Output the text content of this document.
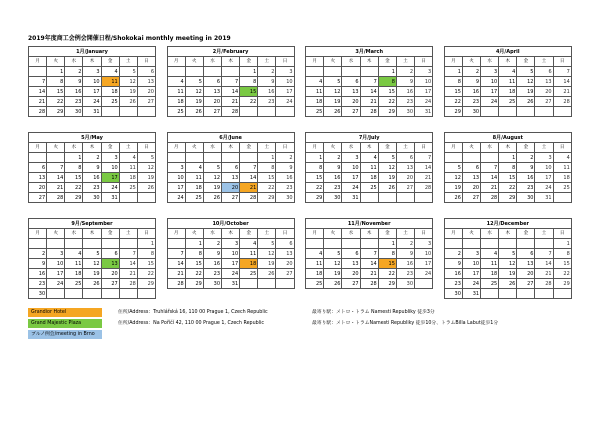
2019年度商工会例会開催日程/Shokokai monthly meeting in 2019
1月/January						
月	火	水	木	金	土	日
	1	2	3	4	5	6
7	8	9	10	11	12	13
14	15	16	17	18	19	20
21	22	23	24	25	26	27
28	29	30	31			
2月/February						
月	火	水	木	金	土	日
				1	2	3
4	5	6	7	8	9	10
11	12	13	14	15	16	17
18	19	20	21	22	23	24
25	26	27	28			
3月/March						
月	火	水	木	金	土	日
				1	2	3
4	5	6	7	8	9	10
11	12	13	14	15	16	17
18	19	20	21	22	23	24
25	26	27	28	29	30	31
4月/April						
月	火	水	木	金	土	日
1	2	3	4	5	6	7
8	9	10	11	12	13	14
15	16	17	18	19	20	21
22	23	24	25	26	27	28
29	30					
5月/May						
月	火	水	木	金	土	日
		1	2	3	4	5
6	7	8	9	10	11	12
13	14	15	16	17	18	19
20	21	22	23	24	25	26
27	28	29	30	31		
6月/June						
月	火	水	木	金	土	日
					1	2
3	4	5	6	7	8	9
10	11	12	13	14	15	16
17	18	19	20	21	22	23
24	25	26	27	28	29	30
7月/July						
月	火	水	木	金	土	日
1	2	3	4	5	6	7
8	9	10	11	12	13	14
15	16	17	18	19	20	21
22	23	24	25	26	27	28
29	30	31				
8月/August						
月	火	水	木	金	土	日
			1	2	3	4
5	6	7	8	9	10	11
12	13	14	15	16	17	18
19	20	21	22	23	24	25
26	27	28	29	30	31	
9月/September						
月	火	水	木	金	土	日
						1
2	3	4	5	6	7	8
9	10	11	12	13	14	15
16	17	18	19	20	21	22
23	24	25	26	27	28	29
30						
10月/October						
月	火	水	木	金	土	日
	1	2	3	4	5	6
7	8	9	10	11	12	13
14	15	16	17	18	19	20
21	22	23	24	25	26	27
28	29	30	31			
11月/November						
月	火	水	木	金	土	日
				1	2	3
4	5	6	7	8	9	10
11	12	13	14	15	16	17
18	19	20	21	22	23	24
25	26	27	28	29	30	
12月/December						
月	火	水	木	金	土	日
						1
2	3	4	5	6	7	8
9	10	11	12	13	14	15
16	17	18	19	20	21	22
23	24	25	26	27	28	29
30	31					
Grandior Hotel	住所/Address：Truhlářská 16, 110 00 Prague 1, Czech Republic	最寄り駅：メトロ・トラム Namesti Republiky 徒歩3分
Grand Majestic Plaza	住所/Address：Na Poříčí 42, 110 00 Prague 1, Czech Republic	最寄り駅：メトロ・トラムNamesti Republiky 徒歩10分、トラムBilla Labut徒歩1分
ブルノ例会/meeting in Brno
